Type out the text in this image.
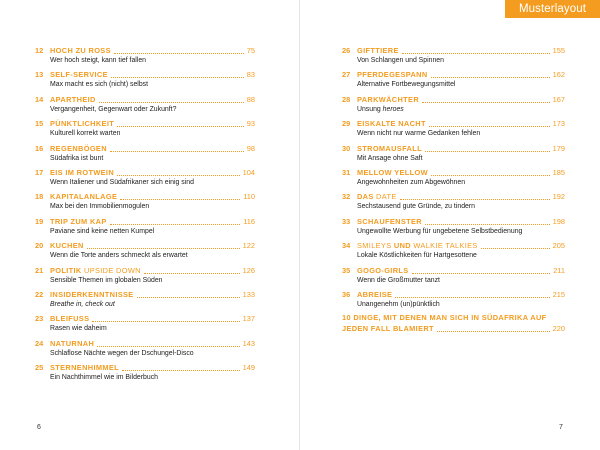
Musterlayout
12 HOCH ZU ROSS	75
Wer hoch steigt, kann tief fallen
13 SELF-SERVICE	83
Max macht es sich (nicht) selbst
14 APARTHEID	88
Vergangenheit, Gegenwart oder Zukunft?
15 PÜNKTLICHKEIT	93
Kulturell korrekt warten
16 REGENBÖGEN	98
Südafrika ist bunt
17 EIS IM ROTWEIN	104
Wenn Italiener und Südafrikaner sich einig sind
18 KAPITALANLAGE	110
Max bei den Immobilienmogulen
19 TRIP ZUM KAP	116
Paviane sind keine netten Kumpel
20 KUCHEN	122
Wenn die Torte anders schmeckt als erwartet
21 POLITIK UPSIDE DOWN	126
Sensible Themen im globalen Süden
22 INSIDERKENNTNISSE	133
Breathe in, check out
23 BLEIFUSS	137
Rasen wie daheim
24 NATURNAH	143
Schlaflose Nächte wegen der Dschungel-Disco
25 STERNENHIMMEL	149
Ein Nachthimmel wie im Bilderbuch
26 GIFTTIERE	155
Von Schlangen und Spinnen
27 PFERDEGESPANN	162
Alternative Fortbewegungsmittel
28 PARKWÄCHTER	167
Unsung heroes
29 EISKALTE NACHT	173
Wenn nicht nur warme Gedanken fehlen
30 STROMAUSFALL	179
Mit Ansage ohne Saft
31 MELLOW YELLOW	185
Angewohnheiten zum Abgewöhnen
32 DAS DATE	192
Sechstausend gute Gründe, zu tindern
33 SCHAUFENSTER	198
Ungewollte Werbung für ungebetene Selbstbedienung
34 SMILEYS UND WALKIE TALKIES	205
Lokale Köstlichkeiten für Hartgesottene
35 GOGO-GIRLS	211
Wenn die Großmutter tanzt
36 ABREISE	215
Unangenehm (un)pünktlich
10 DINGE, MIT DENEN MAN SICH IN SÜDAFRIKA AUF
JEDEN FALL BLAMIERT	220
6	7
